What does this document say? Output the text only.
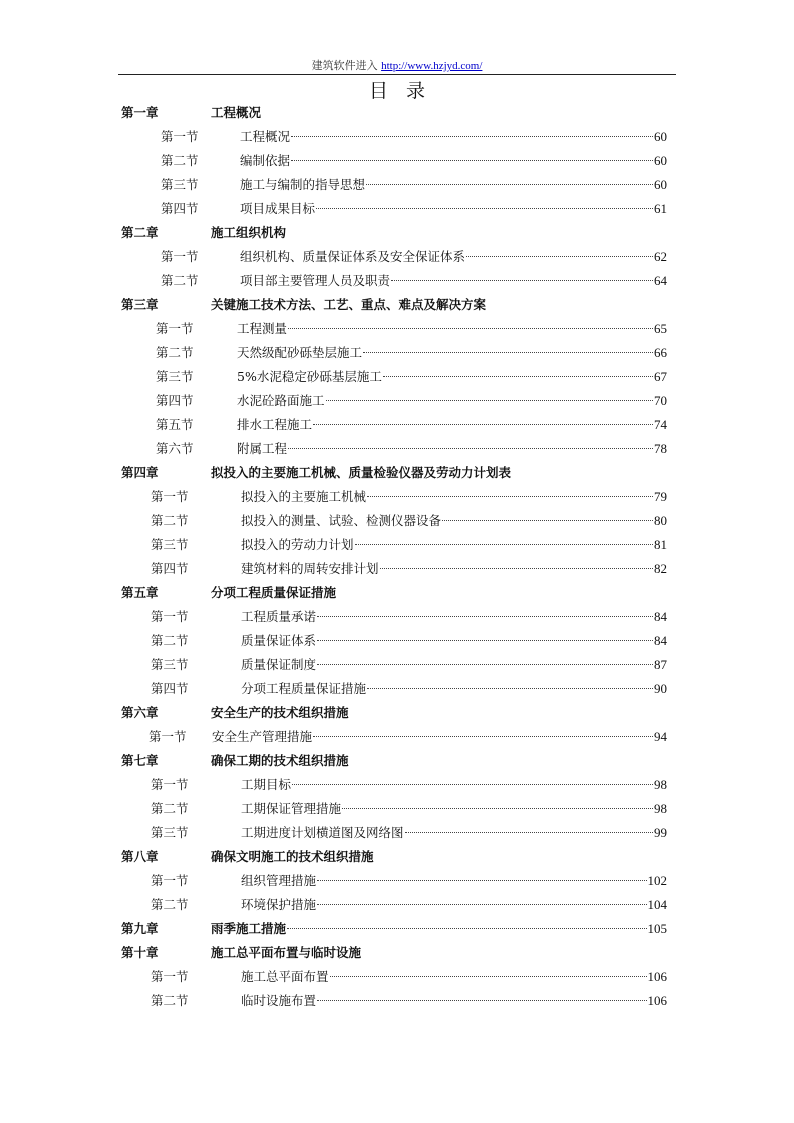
建筑软件进入 http://www.hzjyd.com/
目录
第一章	工程概况
第一节	工程概况	60
第二节	编制依据	60
第三节	施工与编制的指导思想	60
第四节	项目成果目标	61
第二章	施工组织机构
第一节	组织机构、质量保证体系及安全保证体系	62
第二节	项目部主要管理人员及职责	64
第三章	关键施工技术方法、工艺、重点、难点及解决方案
第一节	工程测量	65
第二节	天然级配砂砾垫层施工	66
第三节	5%水泥稳定砂砾基层施工	67
第四节	水泥砼路面施工	70
第五节	排水工程施工	74
第六节	附属工程	78
第四章	拟投入的主要施工机械、质量检验仪器及劳动力计划表
第一节	拟投入的主要施工机械	79
第二节	拟投入的测量、试验、检测仪器设备	80
第三节	拟投入的劳动力计划	81
第四节	建筑材料的周转安排计划	82
第五章	分项工程质量保证措施
第一节	工程质量承诺	84
第二节	质量保证体系	84
第三节	质量保证制度	87
第四节	分项工程质量保证措施	90
第六章	安全生产的技术组织措施
第一节 安全生产管理措施	94
第七章	确保工期的技术组织措施
第一节	工期目标	98
第二节	工期保证管理措施	98
第三节	工期进度计划横道图及网络图	99
第八章	确保文明施工的技术组织措施
第一节	组织管理措施	102
第二节	环境保护措施	104
第九章	雨季施工措施	105
第十章	施工总平面布置与临时设施
第一节	施工总平面布置	106
第二节	临时设施布置	106
